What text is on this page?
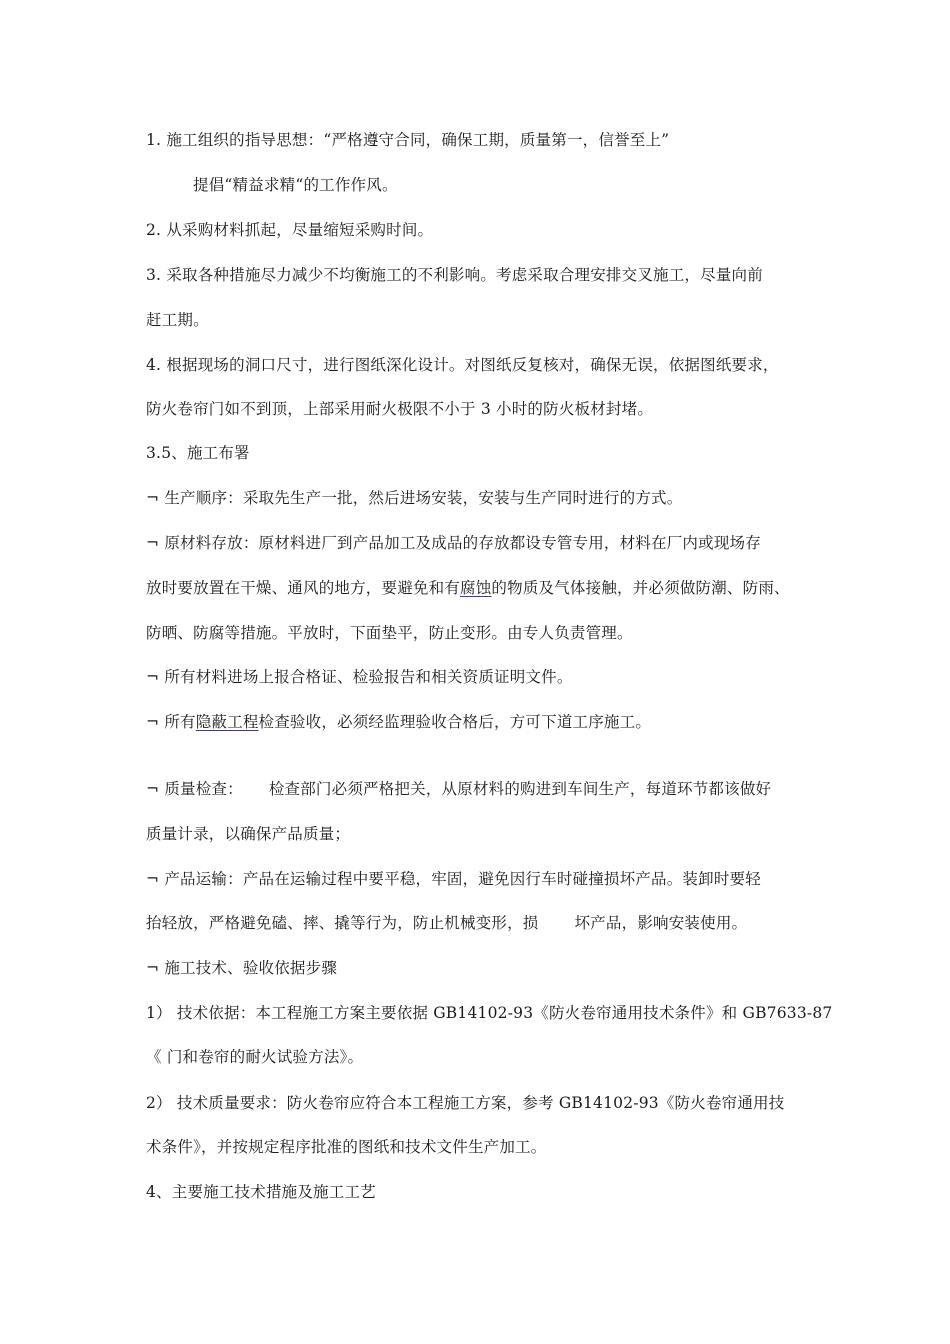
1. 施工组织的指导思想：“严格遵守合同，确保工期，质量第一，信誉至上”
提倡“精益求精“的工作作风。
2. 从采购材料抓起，尽量缩短采购时间。
3. 采取各种措施尽力减少不均衡施工的不利影响。考虑采取合理安排交叉施工，尽量向前
赶工期。
4. 根据现场的洞口尺寸，进行图纸深化设计。对图纸反复核对，确保无误，依据图纸要求，
防火卷帘门如不到顶，上部采用耐火极限不小于 3 小时的防火板材封堵。
3.5、施工布署
¬ 生产顺序：采取先生产一批，然后进场安装，安装与生产同时进行的方式。
¬ 原材料存放：原材料进厂到产品加工及成品的存放都设专管专用，材料在厂内或现场存
放时要放置在干燥、通风的地方，要避免和有腐蚀的物质及气体接触，并必须做防潮、防雨、
防晒、防腐等措施。平放时，下面垫平，防止变形。由专人负责管理。
¬ 所有材料进场上报合格证、检验报告和相关资质证明文件。
¬ 所有隐蔽工程检查验收，必须经监理验收合格后，方可下道工序施工。
¬ 质量检查： 检查部门必须严格把关，从原材料的购进到车间生产，每道环节都该做好
质量计录，以确保产品质量；
¬ 产品运输：产品在运输过程中要平稳，牢固，避免因行车时碰撞损坏产品。装卸时要轻
抬轻放，严格避免磕、摔、撬等行为，防止机械变形，损 坏产品，影响安装使用。
¬ 施工技术、验收依据步骤
1） 技术依据：本工程施工方案主要依据 GB14102-93《防火卷帘通用技术条件》和 GB7633-87
《 门和卷帘的耐火试验方法》。
2） 技术质量要求：防火卷帘应符合本工程施工方案，参考 GB14102-93《防火卷帘通用技
术条件》，并按规定程序批准的图纸和技术文件生产加工。
4、主要施工技术措施及施工工艺
